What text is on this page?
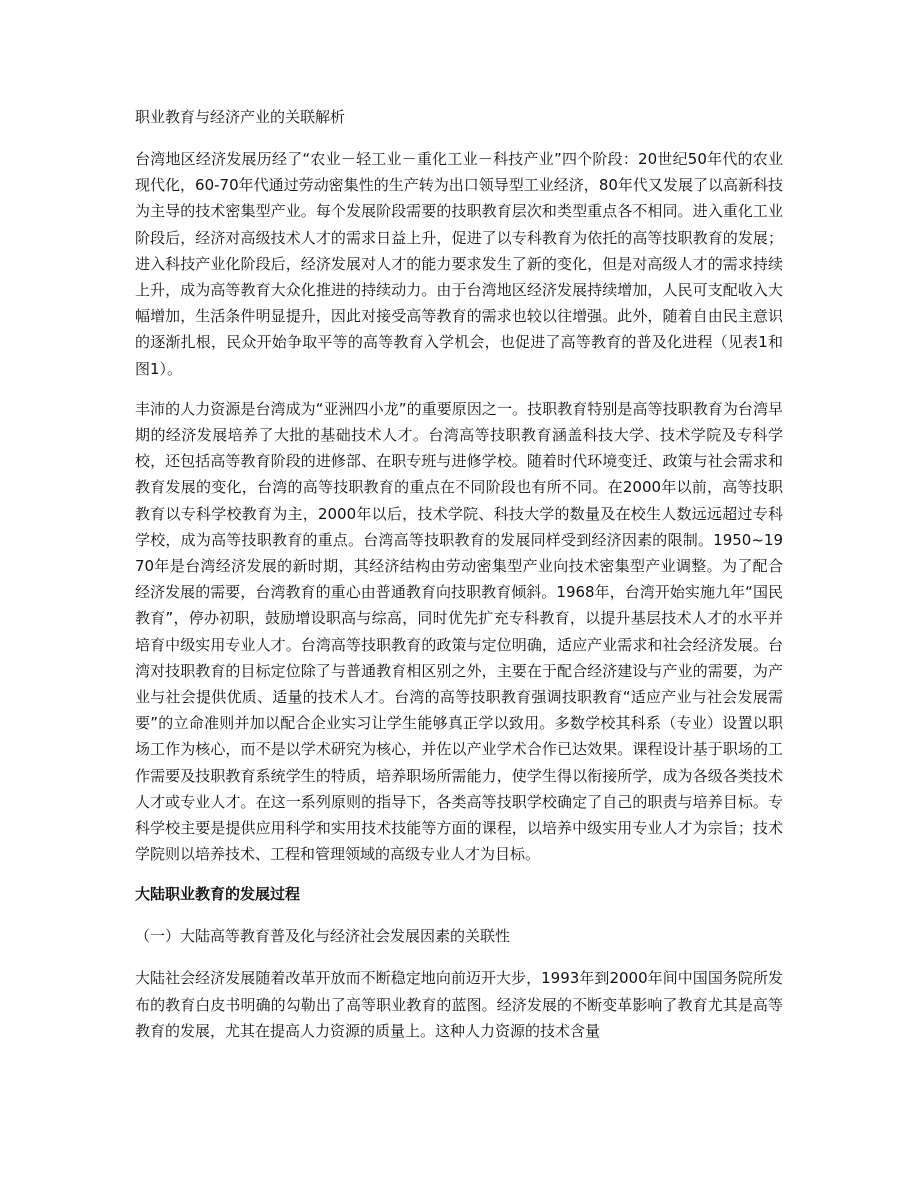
职业教育与经济产业的关联解析

台湾地区经济发展历经了“农业－轻工业－重化工业－科技产业”四个阶段：20世纪50年代的农业现代化，60-70年代通过劳动密集性的生产转为出口领导型工业经济，80年代又发展了以高新科技为主导的技术密集型产业。每个发展阶段需要的技职教育层次和类型重点各不相同。进入重化工业阶段后，经济对高级技术人才的需求日益上升，促进了以专科教育为依托的高等技职教育的发展；进入科技产业化阶段后，经济发展对人才的能力要求发生了新的变化，但是对高级人才的需求持续上升，成为高等教育大众化推进的持续动力。由于台湾地区经济发展持续增加，人民可支配收入大幅增加，生活条件明显提升，因此对接受高等教育的需求也较以往增强。此外，随着自由民主意识的逐渐扎根，民众开始争取平等的高等教育入学机会，也促进了高等教育的普及化进程（见表1和图1）。

丰沛的人力资源是台湾成为“亚洲四小龙”的重要原因之一。技职教育特别是高等技职教育为台湾早期的经济发展培养了大批的基础技术人才。台湾高等技职教育涵盖科技大学、技术学院及专科学校，还包括高等教育阶段的进修部、在职专班与进修学校。随着时代环境变迁、政策与社会需求和教育发展的变化，台湾的高等技职教育的重点在不同阶段也有所不同。在2000年以前，高等技职教育以专科学校教育为主，2000年以后，技术学院、科技大学的数量及在校生人数远远超过专科学校，成为高等技职教育的重点。台湾高等技职教育的发展同样受到经济因素的限制。1950~1970年是台湾经济发展的新时期，其经济结构由劳动密集型产业向技术密集型产业调整。为了配合经济发展的需要，台湾教育的重心由普通教育向技职教育倾斜。1968年，台湾开始实施九年“国民教育”，停办初职，鼓励增设职高与综高，同时优先扩充专科教育，以提升基层技术人才的水平并培育中级实用专业人才。台湾高等技职教育的政策与定位明确，适应产业需求和社会经济发展。台湾对技职教育的目标定位除了与普通教育相区别之外，主要在于配合经济建设与产业的需要，为产业与社会提供优质、适量的技术人才。台湾的高等技职教育强调技职教育“适应产业与社会发展需要”的立命准则并加以配合企业实习让学生能够真正学以致用。多数学校其科系（专业）设置以职场工作为核心，而不是以学术研究为核心，并佐以产业学术合作已达效果。课程设计基于职场的工作需要及技职教育系统学生的特质，培养职场所需能力，使学生得以衔接所学，成为各级各类技术人才或专业人才。在这一系列原则的指导下，各类高等技职学校确定了自己的职责与培养目标。专科学校主要是提供应用科学和实用技术技能等方面的课程，以培养中级实用专业人才为宗旨；技术学院则以培养技术、工程和管理领域的高级专业人才为目标。

大陆职业教育的发展过程
（一）大陆高等教育普及化与经济社会发展因素的关联性

大陆社会经济发展随着改革开放而不断稳定地向前迈开大步，1993年到2000年间中国国务院所发布的教育白皮书明确的勾勒出了高等职业教育的蓝图。经济发展的不断变革影响了教育尤其是高等教育的发展，尤其在提高人力资源的质量上。这种人力资源的技术含量
